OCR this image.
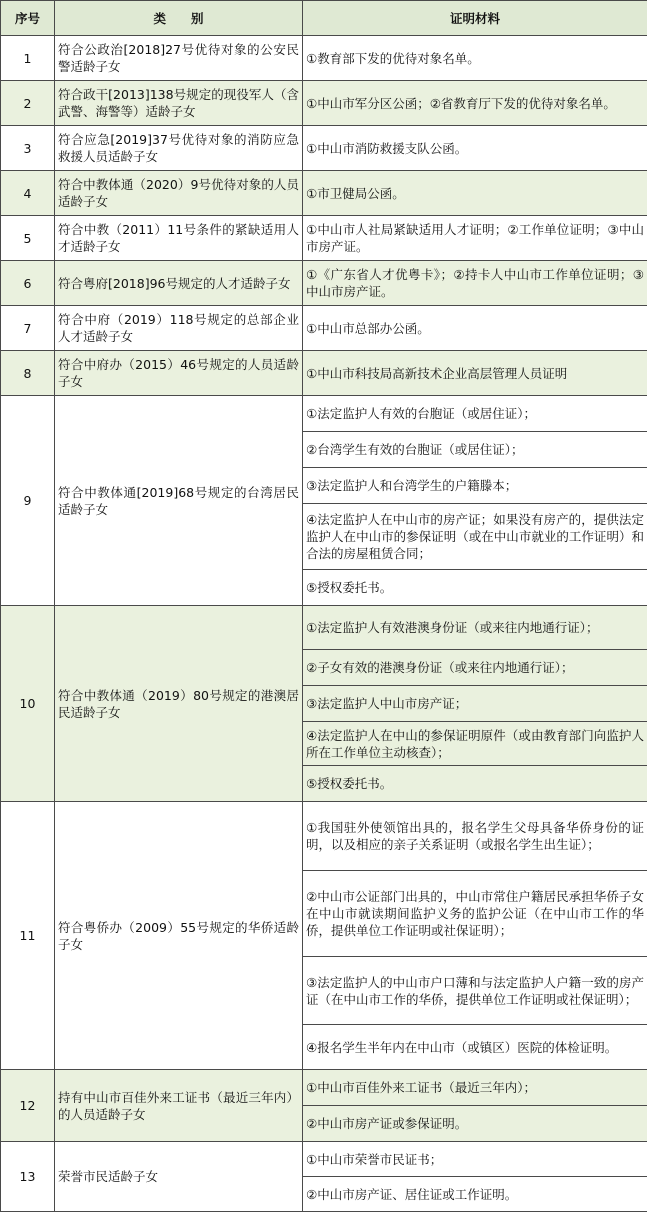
序号	类　　别	证明材料
1	符合公政治[2018]27号优待对象的公安民警适龄子女	①教育部下发的优待对象名单。
2	符合政干[2013]138号规定的现役军人（含武警、海警等）适龄子女	①中山市军分区公函；②省教育厅下发的优待对象名单。
3	符合应急[2019]37号优待对象的消防应急救援人员适龄子女	①中山市消防救援支队公函。
4	符合中教体通（2020）9号优待对象的人员适龄子女	①市卫健局公函。
5	符合中教（2011）11号条件的紧缺适用人才适龄子女	①中山市人社局紧缺适用人才证明；②工作单位证明；③中山市房产证。
6	符合粤府[2018]96号规定的人才适龄子女	①《广东省人才优粤卡》；②持卡人中山市工作单位证明；③中山市房产证。
7	符合中府（2019）118号规定的总部企业人才适龄子女	①中山市总部办公函。
8	符合中府办（2015）46号规定的人员适龄子女	①中山市科技局高新技术企业高层管理人员证明
9	符合中教体通[2019]68号规定的台湾居民适龄子女	①法定监护人有效的台胞证（或居住证）；
		②台湾学生有效的台胞证（或居住证）；
		③法定监护人和台湾学生的户籍滕本；
		④法定监护人在中山市的房产证；如果没有房产的，提供法定监护人在中山市的参保证明（或在中山市就业的工作证明）和合法的房屋租赁合同；
		⑤授权委托书。
10	符合中教体通（2019）80号规定的港澳居民适龄子女	①法定监护人有效港澳身份证（或来往内地通行证）；
		②子女有效的港澳身份证（或来往内地通行证）；
		③法定监护人中山市房产证；
		④法定监护人在中山的参保证明原件（或由教育部门向监护人所在工作单位主动核查）；
		⑤授权委托书。
11	符合粤侨办（2009）55号规定的华侨适龄子女	①我国驻外使领馆出具的，报名学生父母具备华侨身份的证明，以及相应的亲子关系证明（或报名学生出生证）；
		②中山市公证部门出具的，中山市常住户籍居民承担华侨子女在中山市就读期间监护义务的监护公证（在中山市工作的华侨，提供单位工作证明或社保证明）；
		③法定监护人的中山市户口薄和与法定监护人户籍一致的房产证（在中山市工作的华侨，提供单位工作证明或社保证明）；
		④报名学生半年内在中山市（或镇区）医院的体检证明。
12	持有中山市百佳外来工证书（最近三年内）的人员适龄子女	①中山市百佳外来工证书（最近三年内）；
		②中山市房产证或参保证明。
13	荣誉市民适龄子女	①中山市荣誉市民证书；
		②中山市房产证、居住证或工作证明。
